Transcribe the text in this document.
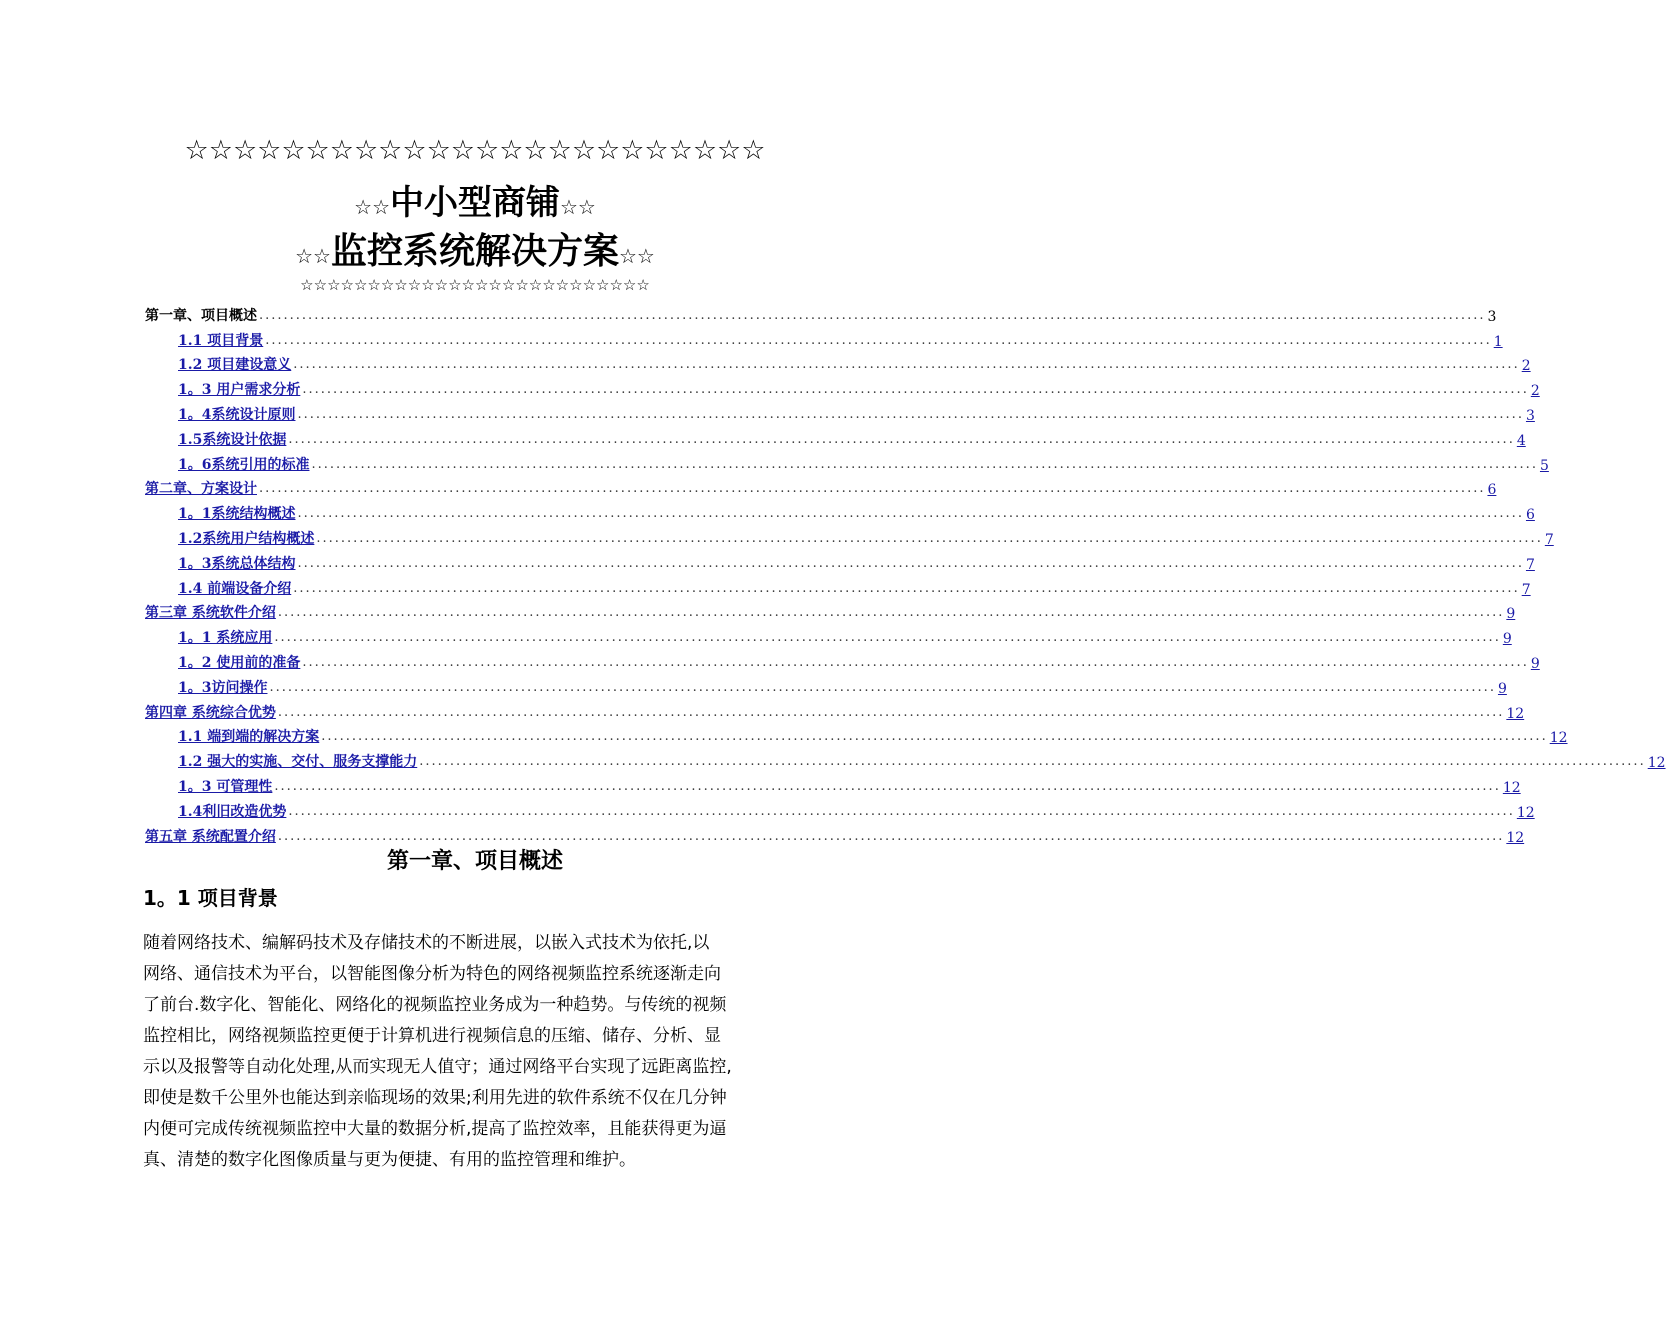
☆☆☆☆☆☆☆☆☆☆☆☆☆☆☆☆☆☆☆☆☆☆☆☆
☆☆中小型商铺☆☆
☆☆监控系统解决方案☆☆
☆☆☆☆☆☆☆☆☆☆☆☆☆☆☆☆☆☆☆☆☆☆☆☆☆☆
第一章、项目概述 ........................................................................................................................................................................................................ 3
1.1 项目背景 ........................................................................................................................................................................................................ 1
1.2 项目建设意义 ........................................................................................................................................................................................................ 2
1。3 用户需求分析 ........................................................................................................................................................................................................ 2
1。4系统设计原则 ........................................................................................................................................................................................................ 3
1.5系统设计依据 ........................................................................................................................................................................................................ 4
1。6系统引用的标准 ........................................................................................................................................................................................................ 5
第二章、方案设计 ........................................................................................................................................................................................................ 6
1。1系统结构概述 ........................................................................................................................................................................................................ 6
1.2系统用户结构概述 ........................................................................................................................................................................................................ 7
1。3系统总体结构 ........................................................................................................................................................................................................ 7
1.4 前端设备介绍 ........................................................................................................................................................................................................ 7
第三章 系统软件介绍 ........................................................................................................................................................................................................ 9
1。1 系统应用 ........................................................................................................................................................................................................ 9
1。2 使用前的准备 ........................................................................................................................................................................................................ 9
1。3访问操作 ........................................................................................................................................................................................................ 9
第四章 系统综合优势 ........................................................................................................................................................................................................ 12
1.1 端到端的解决方案 ........................................................................................................................................................................................................ 12
1.2 强大的实施、交付、服务支撑能力 ........................................................................................................................................................................................................ 12
1。3 可管理性 ........................................................................................................................................................................................................ 12
1.4利旧改造优势 ........................................................................................................................................................................................................ 12
第五章 系统配置介绍 ........................................................................................................................................................................................................ 12
第一章、项目概述
1。1 项目背景
随着网络技术、编解码技术及存储技术的不断进展，以嵌入式技术为依托,以
网络、通信技术为平台，以智能图像分析为特色的网络视频监控系统逐渐走向
了前台.数字化、智能化、网络化的视频监控业务成为一种趋势。与传统的视频
监控相比，网络视频监控更便于计算机进行视频信息的压缩、储存、分析、显
示以及报警等自动化处理,从而实现无人值守；通过网络平台实现了远距离监控,
即使是数千公里外也能达到亲临现场的效果;利用先进的软件系统不仅在几分钟
内便可完成传统视频监控中大量的数据分析,提高了监控效率，且能获得更为逼
真、清楚的数字化图像质量与更为便捷、有用的监控管理和维护。
